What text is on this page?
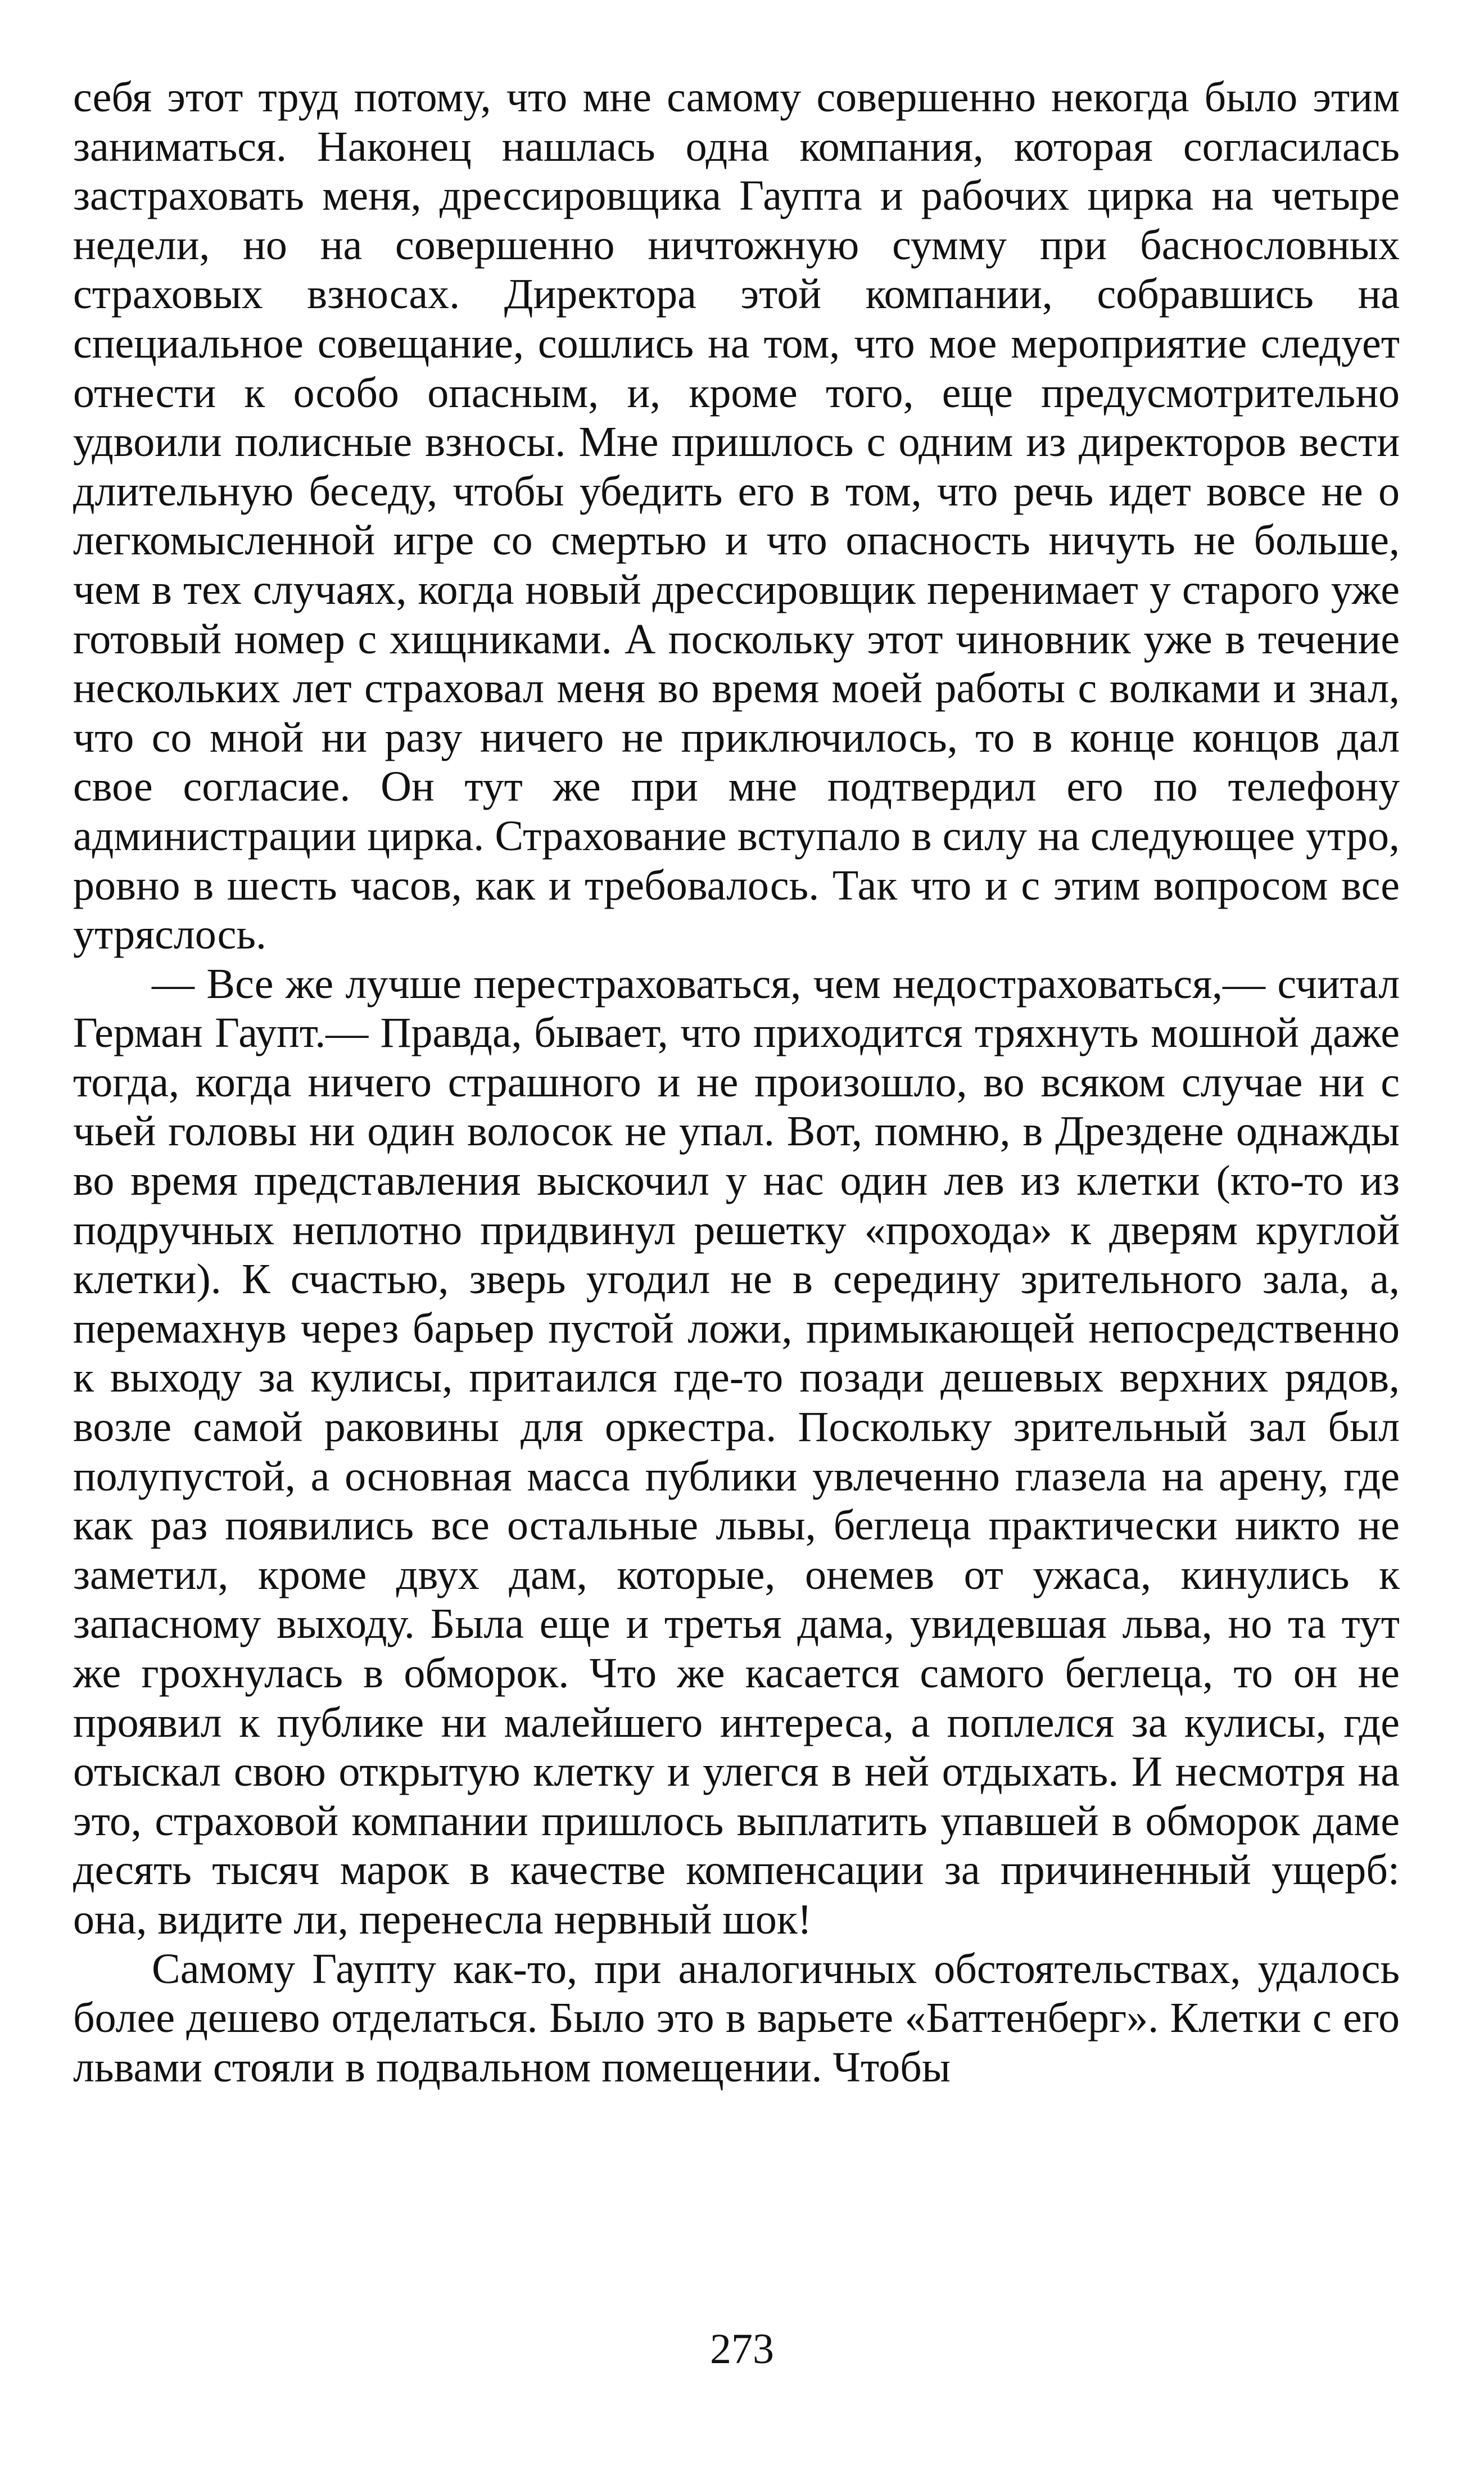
себя этот труд потому, что мне самому совершенно некогда было этим заниматься. Наконец нашлась одна компания, которая согласилась застраховать меня, дрессировщика Гаупта и рабочих цирка на четыре недели, но на совершенно ничтожную сумму при баснословных страховых взносах. Директора этой компании, собравшись на специальное совещание, сошлись на том, что мое мероприятие следует отнести к особо опасным, и, кроме того, еще предусмотрительно удвоили полисные взносы. Мне пришлось с одним из директоров вести длительную беседу, чтобы убедить его в том, что речь идет вовсе не о легкомысленной игре со смертью и что опасность ничуть не больше, чем в тех случаях, когда новый дрессировщик перенимает у старого уже готовый номер с хищниками. А поскольку этот чиновник уже в течение нескольких лет страховал меня во время моей работы с волками и знал, что со мной ни разу ничего не приключилось, то в конце концов дал свое согласие. Он тут же при мне подтвердил его по телефону администрации цирка. Страхование вступало в силу на следующее утро, ровно в шесть часов, как и требовалось. Так что и с этим вопросом все утряслось.

— Все же лучше перестраховаться, чем недостраховаться,— считал Герман Гаупт.— Правда, бывает, что приходится тряхнуть мошной даже тогда, когда ничего страшного и не произошло, во всяком случае ни с чьей головы ни один волосок не упал. Вот, помню, в Дрездене однажды во время представления выскочил у нас один лев из клетки (кто-то из подручных неплотно придвинул решетку «прохода» к дверям круглой клетки). К счастью, зверь угодил не в середину зрительного зала, а, перемахнув через барьер пустой ложи, примыкающей непосредственно к выходу за кулисы, притаился где-то позади дешевых верхних рядов, возле самой раковины для оркестра. Поскольку зрительный зал был полупустой, а основная масса публики увлеченно глазела на арену, где как раз появились все остальные львы, беглеца практически никто не заметил, кроме двух дам, которые, онемев от ужаса, кинулись к запасному выходу. Была еще и третья дама, увидевшая льва, но та тут же грохнулась в обморок. Что же касается самого беглеца, то он не проявил к публике ни малейшего интереса, а поплелся за кулисы, где отыскал свою открытую клетку и улегся в ней отдыхать. И несмотря на это, страховой компании пришлось выплатить упавшей в обморок даме десять тысяч марок в качестве компенсации за причиненный ущерб: она, видите ли, перенесла нервный шок!

Самому Гаупту как-то, при аналогичных обстоятельствах, удалось более дешево отделаться. Было это в варьете «Баттенберг». Клетки с его львами стояли в подвальном помещении. Чтобы

273
